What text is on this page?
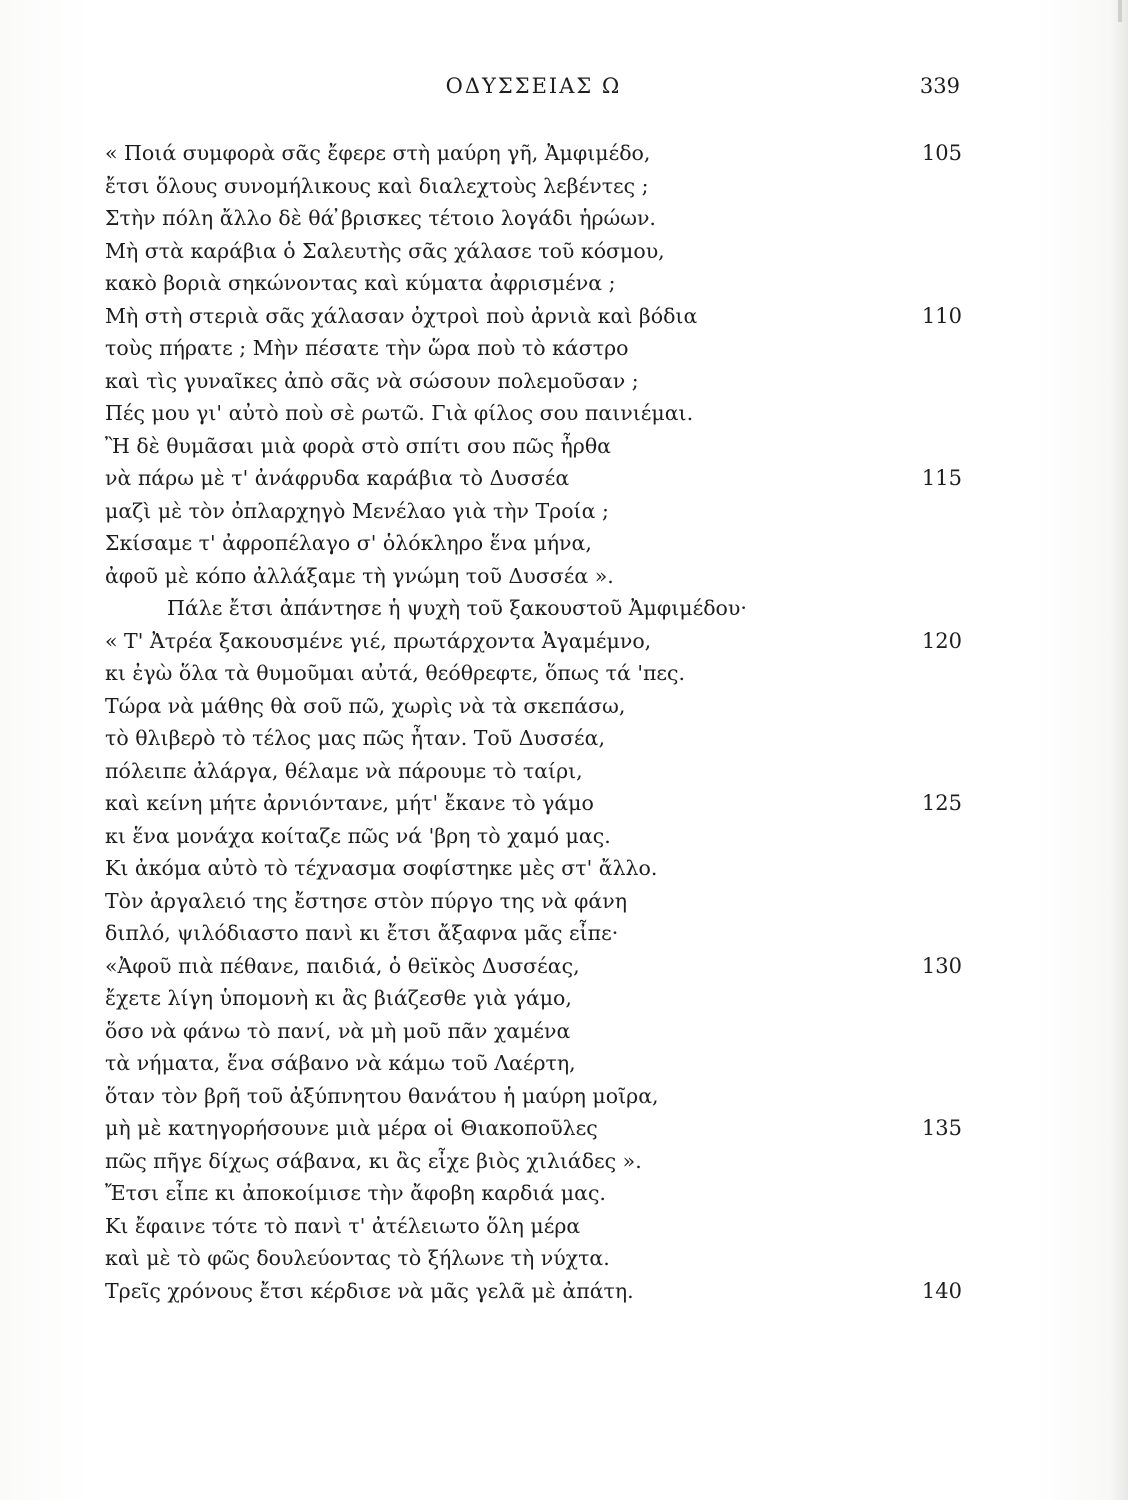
ΟΔΥΣΣΕΙΑΣ Ω	339
« Ποιά συμφορὰ σᾶς ἔφερε στὴ μαύρη γῆ, Ἀμφιμέδο,	105
ἔτσι ὅλους συνομήλικους καὶ διαλεχτοὺς λεβέντες ;
Στὴν πόλη ἄλλο δὲ θά ̓βρισκες τέτοιο λογάδι ἡρώων.
Μὴ στὰ καράβια ὁ Σαλευτὴς σᾶς χάλασε τοῦ κόσμου,
κακὸ βοριὰ σηκώνοντας καὶ κύματα ἀφρισμένα ;
Μὴ στὴ στεριὰ σᾶς χάλασαν ὀχτροὶ ποὺ ἀρνιὰ καὶ βόδια	110
τοὺς πήρατε ; Μὴν πέσατε τὴν ὥρα ποὺ τὸ κάστρο
καὶ τὶς γυναῖκες ἀπὸ σᾶς νὰ σώσουν πολεμοῦσαν ;
Πές μου γι' αὐτὸ ποὺ σὲ ρωτῶ. Γιὰ φίλος σου παινιέμαι.
Ἢ δὲ θυμᾶσαι μιὰ φορὰ στὸ σπίτι σου πῶς ἦρθα
νὰ πάρω μὲ τ' ἀνάφρυδα καράβια τὸ Δυσσέα	115
μαζὶ μὲ τὸν ὀπλαρχηγὸ Μενέλαο γιὰ τὴν Τροία ;
Σκίσαμε τ' ἀφροπέλαγο σ' ὁλόκληρο ἕνα μήνα,
ἀφοῦ μὲ κόπο ἀλλάξαμε τὴ γνώμη τοῦ Δυσσέα ».
Πάλε ἔτσι ἀπάντησε ἡ ψυχὴ τοῦ ξακουστοῦ Ἀμφιμέδου·
« Τ' Ἀτρέα ξακουσμένε γιέ, πρωτάρχοντα Ἀγαμέμνο,	120
κι ἐγὼ ὅλα τὰ θυμοῦμαι αὐτά, θεόθρεφτε, ὅπως τά 'πες.
Τώρα νὰ μάθης θὰ σοῦ πῶ, χωρὶς νὰ τὰ σκεπάσω,
τὸ θλιβερὸ τὸ τέλος μας πῶς ἦταν. Τοῦ Δυσσέα,
πόλειπε ἀλάργα, θέλαμε νὰ πάρουμε τὸ ταίρι,
καὶ κείνη μήτε ἀρνιόντανε, μήτ' ἔκανε τὸ γάμο	125
κι ἕνα μονάχα κοίταζε πῶς νά 'βρη τὸ χαμό μας.
Κι ἀκόμα αὐτὸ τὸ τέχνασμα σοφίστηκε μὲς στ' ἄλλο.
Τὸν ἀργαλειό της ἔστησε στὸν πύργο της νὰ φάνη
διπλό, ψιλόδιαστο πανὶ κι ἔτσι ἄξαφνα μᾶς εἶπε·
«Ἀφοῦ πιὰ πέθανε, παιδιά, ὁ θεϊκὸς Δυσσέας,	130
ἔχετε λίγη ὑπομονὴ κι ἂς βιάζεσθε γιὰ γάμο,
ὅσο νὰ φάνω τὸ πανί, νὰ μὴ μοῦ πᾶν χαμένα
τὰ νήματα, ἕνα σάβανο νὰ κάμω τοῦ Λαέρτη,
ὅταν τὸν βρῆ τοῦ ἀξύπνητου θανάτου ἡ μαύρη μοῖρα,
μὴ μὲ κατηγορήσουνε μιὰ μέρα οἱ Θιακοποῦλες	135
πῶς πῆγε δίχως σάβανα, κι ἂς εἶχε βιὸς χιλιάδες ».
Ἔτσι εἶπε κι ἀποκοίμισε τὴν ἄφοβη καρδιά μας.
Κι ἔφαινε τότε τὸ πανὶ τ' ἀτέλειωτο ὅλη μέρα
καὶ μὲ τὸ φῶς δουλεύοντας τὸ ξήλωνε τὴ νύχτα.
Τρεῖς χρόνους ἔτσι κέρδισε νὰ μᾶς γελᾶ μὲ ἀπάτη.	140
